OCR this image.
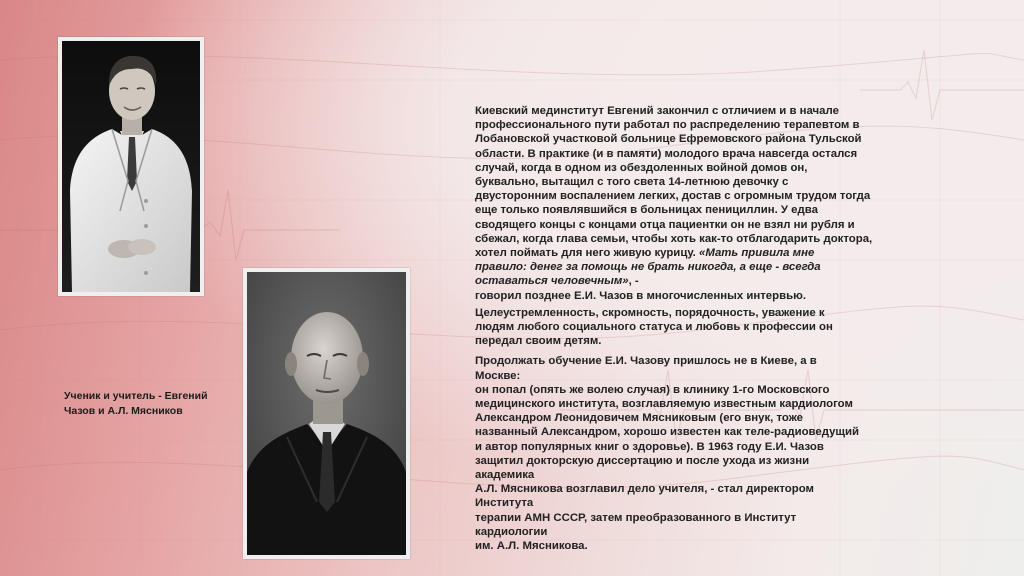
Ученик и учитель - Евгений
Чазов и А.Л. Мясников
Киевский мединститут Евгений закончил с отличием и в начале
профессионального пути работал по распределению терапевтом в
Лобановской участковой больнице Ефремовского района Тульской
области. В практике (и в памяти) молодого врача навсегда остался
случай, когда в одном из обездоленных войной домов он,
буквально, вытащил с того света 14-летнюю девочку с
двусторонним воспалением легких, достав с огромным трудом тогда
еще только появлявшийся в больницах пенициллин. У едва
сводящего концы с концами отца пациентки он не взял ни рубля и
сбежал, когда глава семьи, чтобы хоть как-то отблагодарить доктора,
хотел поймать для него живую курицу. «Мать привила мне
правило: денег за помощь не брать никогда, а еще - всегда
оставаться человечным», -
говорил позднее Е.И. Чазов в многочисленных интервью.
Целеустремленность, скромность, порядочность, уважение к
людям любого социального статуса и любовь к профессии он
передал своим детям.
Продолжать обучение Е.И. Чазову пришлось не в Киеве, а в
Москве:
он попал (опять же волею случая) в клинику 1-го Московского
медицинского института, возглавляемую известным кардиологом
Александром Леонидовичем Мясниковым (его внук, тоже
названный Александром, хорошо известен как теле-радиоведущий
и автор популярных книг о здоровье). В 1963 году Е.И. Чазов
защитил докторскую диссертацию и после ухода из жизни
академика
А.Л. Мясникова возглавил дело учителя, - стал директором
Института
терапии АМН СССР, затем преобразованного в Институт
кардиологии
им. А.Л. Мясникова.
